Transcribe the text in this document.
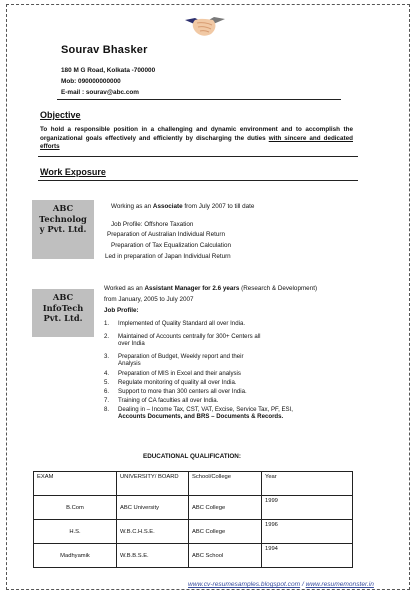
Sourav Bhasker
180 M G Road, Kolkata -700000
Mob: 090000000000
E-mail : sourav@abc.com
Objective
To hold a responsible position in a challenging and dynamic environment and to accomplish the organizational goals effectively and efficiently by discharging the duties with sincere and dedicated efforts
Work Exposure
ABC
Technolog
y Pvt. Ltd.
Working as an Associate from July 2007 to till date
Job Profile: Offshore Taxation
Preparation of Australian Individual Return
Preparation of Tax Equalization Calculation
Led in preparation of Japan Individual Return
ABC
InfoTech
Pvt. Ltd.
Worked as an Assistant Manager for 2.6 years (Research & Development)
from January, 2005 to July 2007
Job Profile:
1. Implemented of Quality Standard all over India.
2. Maintained of Accounts centrally for 300+ Centers all
over India
3. Preparation of Budget, Weekly report and their
Analysis
4. Preparation of MIS in Excel and their analysis
5. Regulate monitoring of quality all over India.
6. Support to more than 300 centers all over India.
7. Training of CA faculties all over India.
8. Dealing in – Income Tax, CST, VAT, Excise, Service Tax, PF, ESI,
Accounts Documents, and BRS – Documents & Records.
EDUCATIONAL QUALIFICATION:
EXAM	UNIVERSITY/ BOARD	School/College	Year
B.Com	ABC University	ABC College	1999
H.S.	W.B.C.H.S.E.	ABC College	1996
Madhyamik	W.B.B.S.E.	ABC School	1994
www.cv-resumesamples.blogspot.com / www.resumemonster.in
